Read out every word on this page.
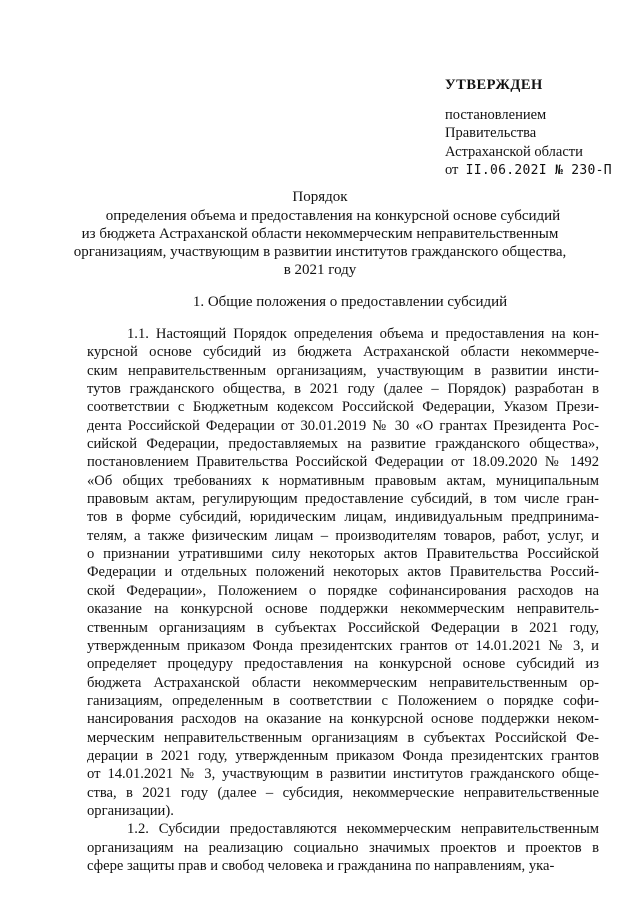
УТВЕРЖДЕН
постановлением
Правительства
Астраханской области
от II.06.202I № 230-П
Порядок
определения объема и предоставления на конкурсной основе субсидий
из бюджета Астраханской области некоммерческим неправительственным
организациям, участвующим в развитии институтов гражданского общества,
в 2021 году
1. Общие положения о предоставлении субсидий

1.1. Настоящий Порядок определения объема и предоставления на кон-
курсной основе субсидий из бюджета Астраханской области некоммерче-
ским неправительственным организациям, участвующим в развитии инсти-
тутов гражданского общества, в 2021 году (далее – Порядок) разработан в
соответствии с Бюджетным кодексом Российской Федерации, Указом Прези-
дента Российской Федерации от 30.01.2019 № 30 «О грантах Президента Рос-
сийской Федерации, предоставляемых на развитие гражданского общества»,
постановлением Правительства Российской Федерации от 18.09.2020 № 1492
«Об общих требованиях к нормативным правовым актам, муниципальным
правовым актам, регулирующим предоставление субсидий, в том числе гран-
тов в форме субсидий, юридическим лицам, индивидуальным предпринима-
телям, а также физическим лицам – производителям товаров, работ, услуг, и
о признании утратившими силу некоторых актов Правительства Российской
Федерации и отдельных положений некоторых актов Правительства Россий-
ской Федерации», Положением о порядке софинансирования расходов на
оказание на конкурсной основе поддержки некоммерческим неправитель-
ственным организациям в субъектах Российской Федерации в 2021 году,
утвержденным приказом Фонда президентских грантов от 14.01.2021 № 3, и
определяет процедуру предоставления на конкурсной основе субсидий из
бюджета Астраханской области некоммерческим неправительственным ор-
ганизациям, определенным в соответствии с Положением о порядке софи-
нансирования расходов на оказание на конкурсной основе поддержки неком-
мерческим неправительственным организациям в субъектах Российской Фе-
дерации в 2021 году, утвержденным приказом Фонда президентских грантов
от 14.01.2021 № 3, участвующим в развитии институтов гражданского обще-
ства, в 2021 году (далее – субсидия, некоммерческие неправительственные
организации).

1.2. Субсидии предоставляются некоммерческим неправительственным
организациям на реализацию социально значимых проектов и проектов в
сфере защиты прав и свобод человека и гражданина по направлениям, ука-
